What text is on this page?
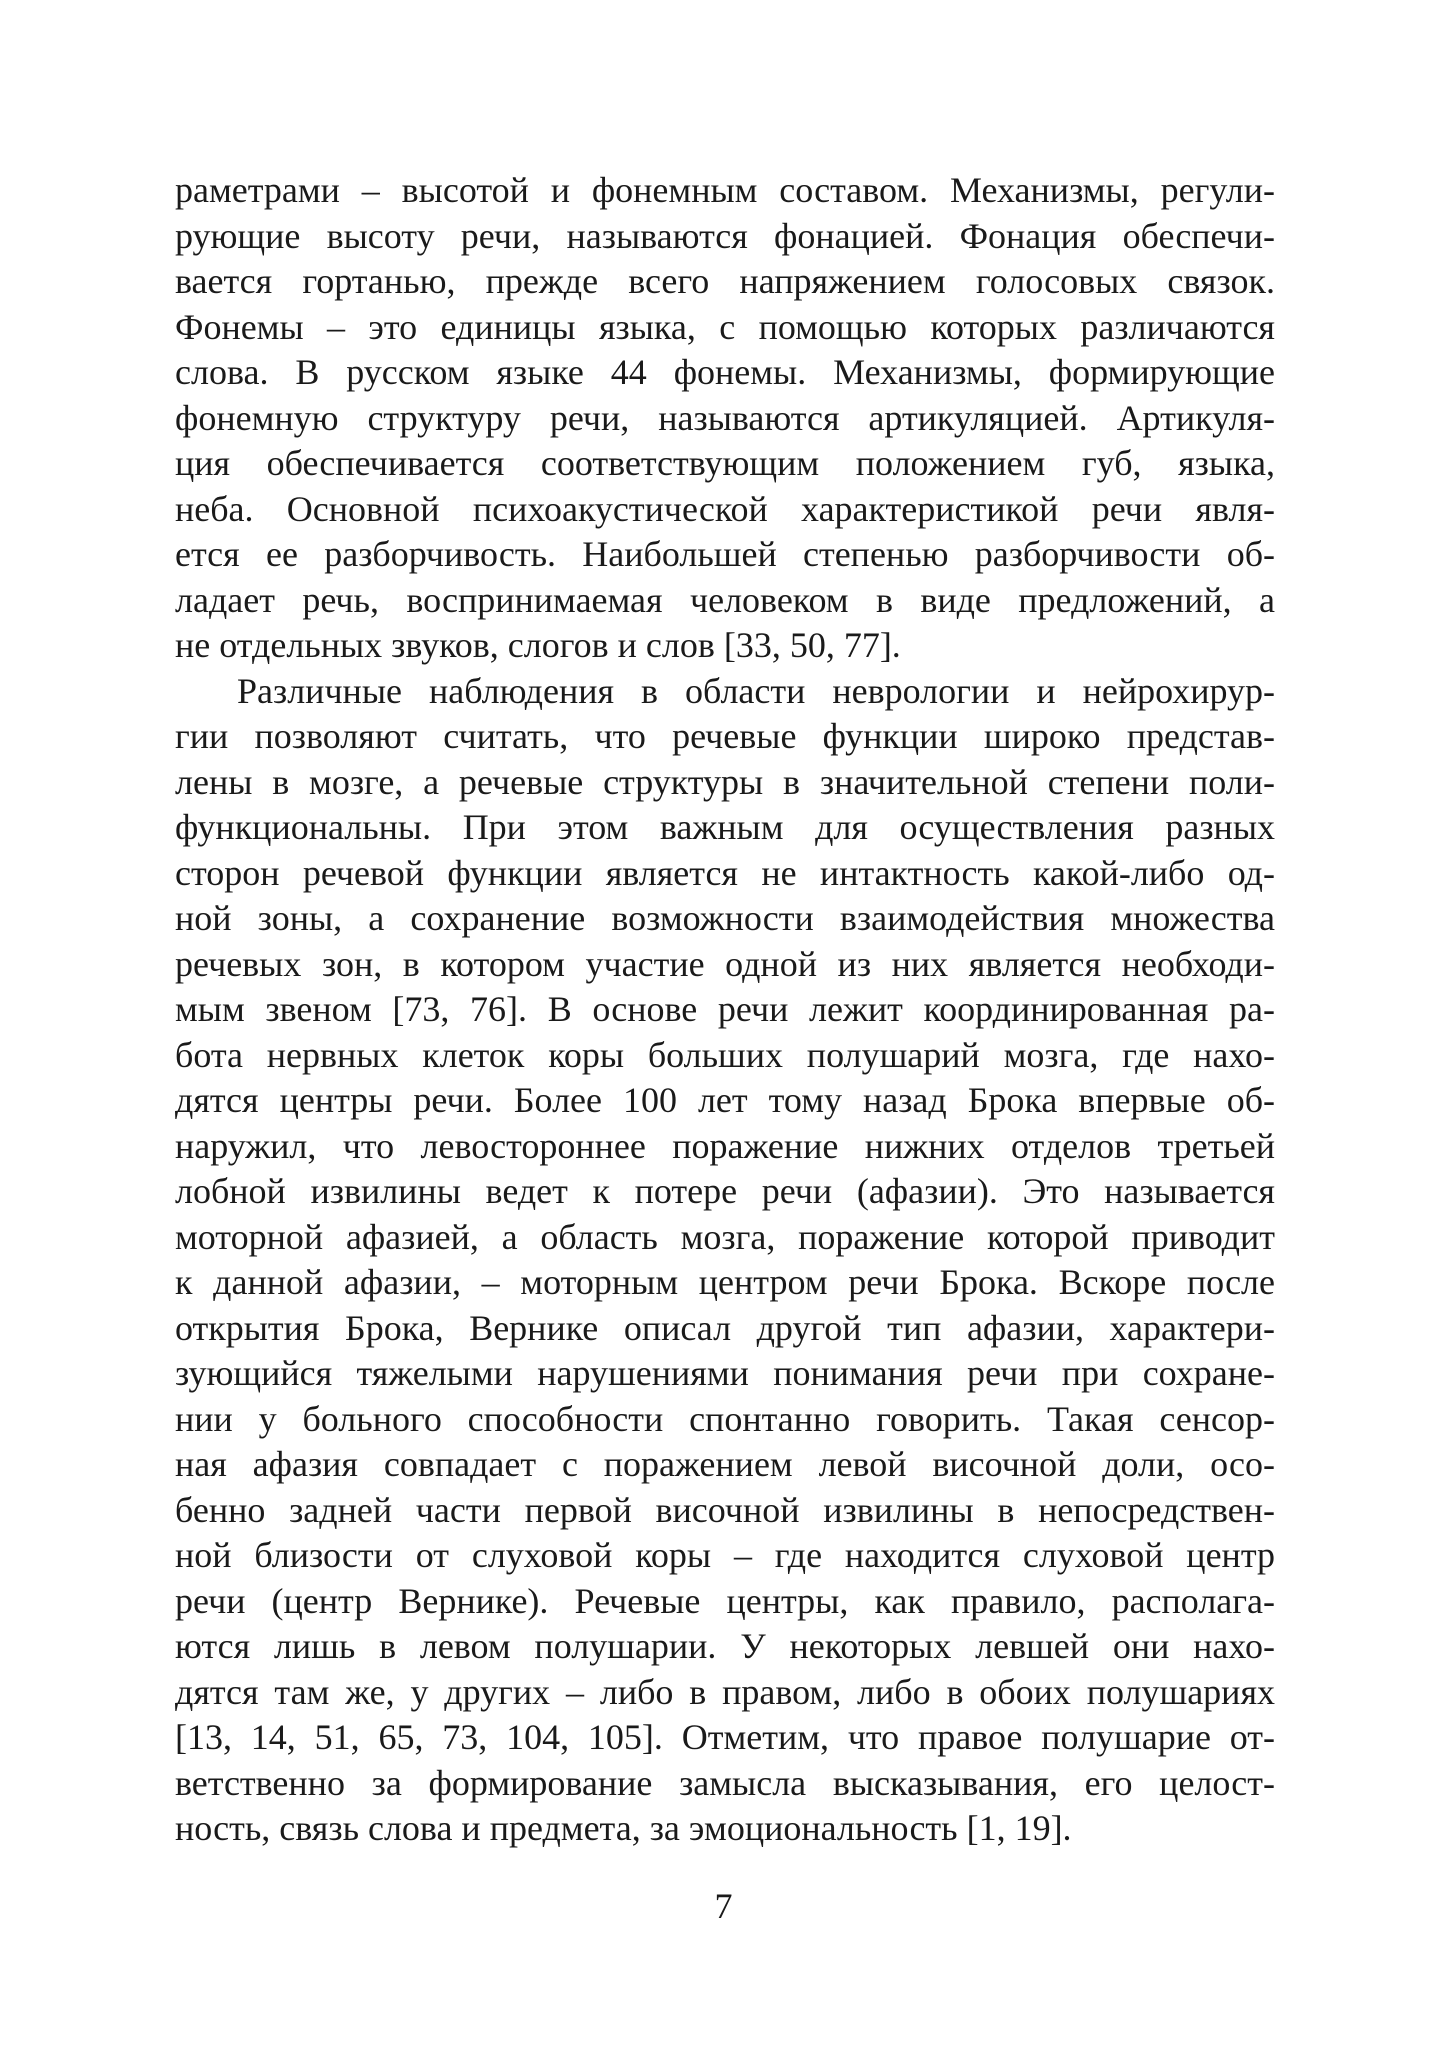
раметрами – высотой и фонемным составом. Механизмы, регули-
рующие высоту речи, называются фонацией. Фонация обеспечи-
вается гортанью, прежде всего напряжением голосовых связок.
Фонемы – это единицы языка, с помощью которых различаются
слова. В русском языке 44 фонемы. Механизмы, формирующие
фонемную структуру речи, называются артикуляцией. Артикуля-
ция обеспечивается соответствующим положением губ, языка,
неба. Основной психоакустической характеристикой речи явля-
ется ее разборчивость. Наибольшей степенью разборчивости об-
ладает речь, воспринимаемая человеком в виде предложений, а
не отдельных звуков, слогов и слов [33, 50, 77].
Различные наблюдения в области неврологии и нейрохирур-
гии позволяют считать, что речевые функции широко представ-
лены в мозге, а речевые структуры в значительной степени поли-
функциональны. При этом важным для осуществления разных
сторон речевой функции является не интактность какой-либо од-
ной зоны, а сохранение возможности взаимодействия множества
речевых зон, в котором участие одной из них является необходи-
мым звеном [73, 76]. В основе речи лежит координированная ра-
бота нервных клеток коры больших полушарий мозга, где нахо-
дятся центры речи. Более 100 лет тому назад Брока впервые об-
наружил, что левостороннее поражение нижних отделов третьей
лобной извилины ведет к потере речи (афазии). Это называется
моторной афазией, а область мозга, поражение которой приводит
к данной афазии, – моторным центром речи Брока. Вскоре после
открытия Брока, Вернике описал другой тип афазии, характери-
зующийся тяжелыми нарушениями понимания речи при сохране-
нии у больного способности спонтанно говорить. Такая сенсор-
ная афазия совпадает с поражением левой височной доли, осо-
бенно задней части первой височной извилины в непосредствен-
ной близости от слуховой коры – где находится слуховой центр
речи (центр Вернике). Речевые центры, как правило, располага-
ются лишь в левом полушарии. У некоторых левшей они нахо-
дятся там же, у других – либо в правом, либо в обоих полушариях
[13, 14, 51, 65, 73, 104, 105]. Отметим, что правое полушарие от-
ветственно за формирование замысла высказывания, его целост-
ность, связь слова и предмета, за эмоциональность [1, 19].
7
